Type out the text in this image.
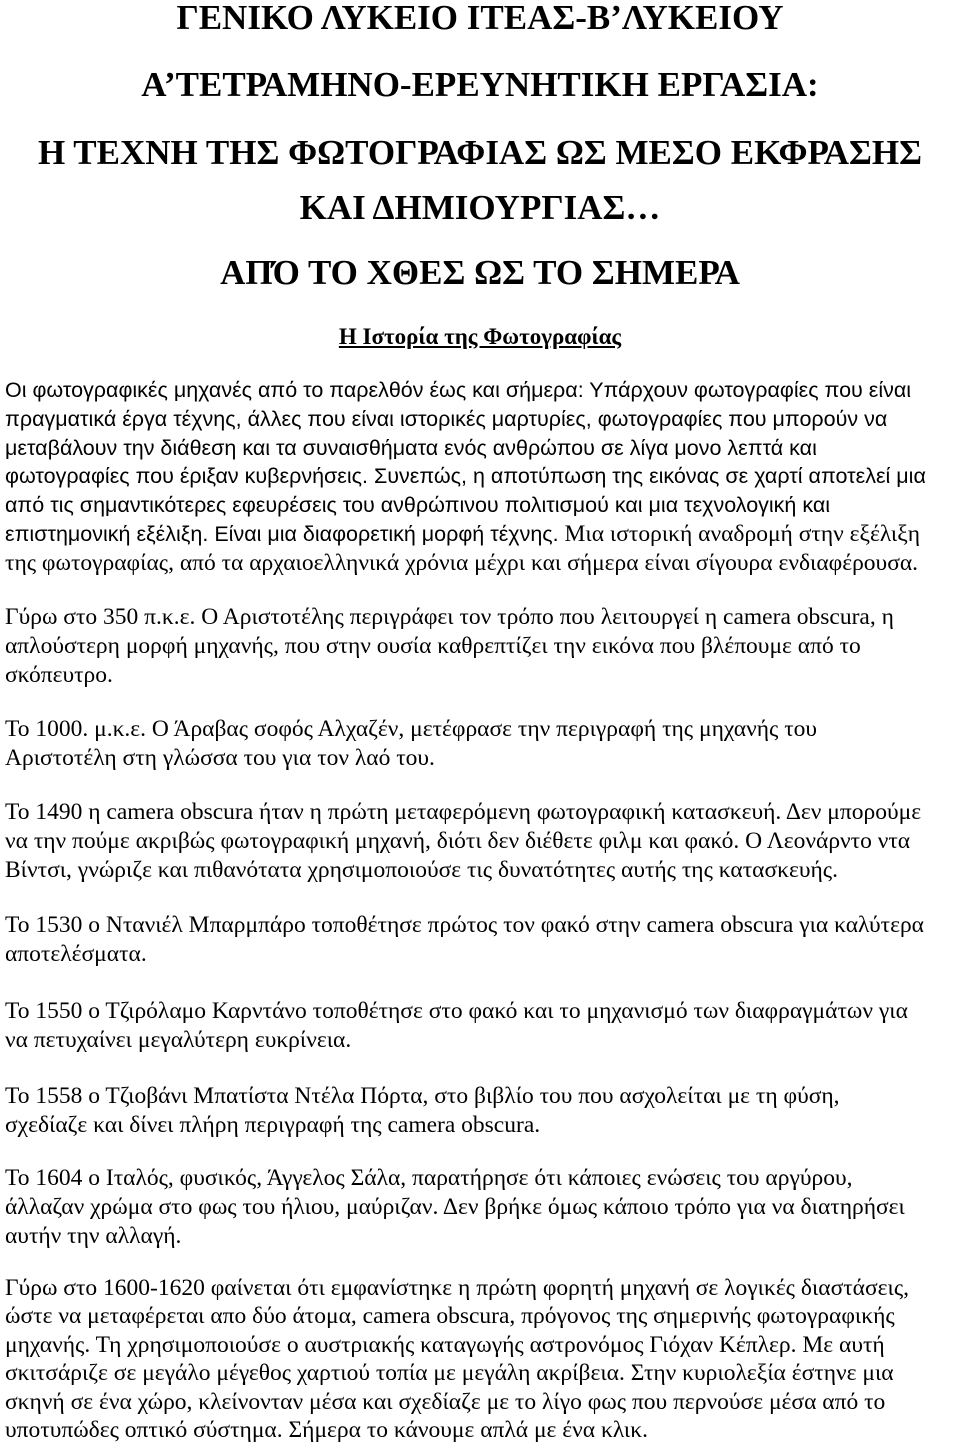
ΓΕΝΙΚΟ ΛΥΚΕΙΟ ΙΤΕΑΣ-Β’ΛΥΚΕΙΟΥ
Α’ΤΕΤΡΑΜΗΝΟ-ΕΡΕΥΝΗΤΙΚΗ ΕΡΓΑΣΙΑ:
Η ΤΕΧΝΗ ΤΗΣ ΦΩΤΟΓΡΑΦΙΑΣ ΩΣ ΜΕΣΟ ΕΚΦΡΑΣΗΣ
ΚΑΙ ΔΗΜΙΟΥΡΓΙΑΣ…
ΑΠΌ ΤΟ ΧΘΕΣ ΩΣ ΤΟ ΣΗΜΕΡΑ
Η Ιστορία της Φωτογραφίας
Οι φωτογραφικές μηχανές από το παρελθόν έως και σήμερα: Υπάρχουν φωτογραφίες που είναι
πραγματικά έργα τέχνης, άλλες που είναι ιστορικές μαρτυρίες, φωτογραφίες που μπορούν να
μεταβάλουν την διάθεση και τα συναισθήματα ενός ανθρώπου σε λίγα μονο λεπτά και
φωτογραφίες που έριξαν κυβερνήσεις. Συνεπώς, η αποτύπωση της εικόνας σε χαρτί αποτελεί μια
από τις σημαντικότερες εφευρέσεις του ανθρώπινου πολιτισμού και μια τεχνολογική και
επιστημονική εξέλιξη. Είναι μια διαφορετική μορφή τέχνης. Μια ιστορική αναδρομή στην εξέλιξη
της φωτογραφίας, από τα αρχαιοελληνικά χρόνια μέχρι και σήμερα είναι σίγουρα ενδιαφέρουσα.
Γύρω στο 350 π.κ.ε. Ο Αριστοτέλης περιγράφει τον τρόπο που λειτουργεί η camera obscura, η
απλούστερη μορφή μηχανής, που στην ουσία καθρεπτίζει την εικόνα που βλέπουμε από το
σκόπευτρο.
Το 1000. μ.κ.ε. Ο Άραβας σοφός Αλχαζέν, μετέφρασε την περιγραφή της μηχανής του
Αριστοτέλη στη γλώσσα του για τον λαό του.
Το 1490 η camera obscura ήταν η πρώτη μεταφερόμενη φωτογραφική κατασκευή. Δεν μπορούμε
να την πούμε ακριβώς φωτογραφική μηχανή, διότι δεν διέθετε φιλμ και φακό. Ο Λεονάρντο ντα
Βίντσι, γνώριζε και πιθανότατα χρησιμοποιούσε τις δυνατότητες αυτής της κατασκευής.
Το 1530 ο Ντανιέλ Μπαρμπάρο τοποθέτησε πρώτος τον φακό στην camera obscura για καλύτερα
αποτελέσματα.
Το 1550 ο Τζιρόλαμο Καρντάνο τοποθέτησε στο φακό και το μηχανισμό των διαφραγμάτων για
να πετυχαίνει μεγαλύτερη ευκρίνεια.
Το 1558 ο Τζιοβάνι Μπατίστα Ντέλα Πόρτα, στο βιβλίο του που ασχολείται με τη φύση,
σχεδίαζε και δίνει πλήρη περιγραφή της camera obscura.
Το 1604 ο Ιταλός, φυσικός, Άγγελος Σάλα, παρατήρησε ότι κάποιες ενώσεις του αργύρου,
άλλαζαν χρώμα στο φως του ήλιου, μαύριζαν. Δεν βρήκε όμως κάποιο τρόπο για να διατηρήσει
αυτήν την αλλαγή.
Γύρω στο 1600-1620 φαίνεται ότι εμφανίστηκε η πρώτη φορητή μηχανή σε λογικές διαστάσεις,
ώστε να μεταφέρεται απο δύο άτομα, camera obscura, πρόγονος της σημερινής φωτογραφικής
μηχανής. Τη χρησιμοποιούσε ο αυστριακής καταγωγής αστρονόμος Γιόχαν Κέπλερ. Με αυτή
σκιτσάριζε σε μεγάλο μέγεθος χαρτιού τοπία με μεγάλη ακρίβεια. Στην κυριολεξία έστηνε μια
σκηνή σε ένα χώρο, κλείνονταν μέσα και σχεδίαζε με το λίγο φως που περνούσε μέσα από το
υποτυπώδες οπτικό σύστημα. Σήμερα το κάνουμε απλά με ένα κλικ.
